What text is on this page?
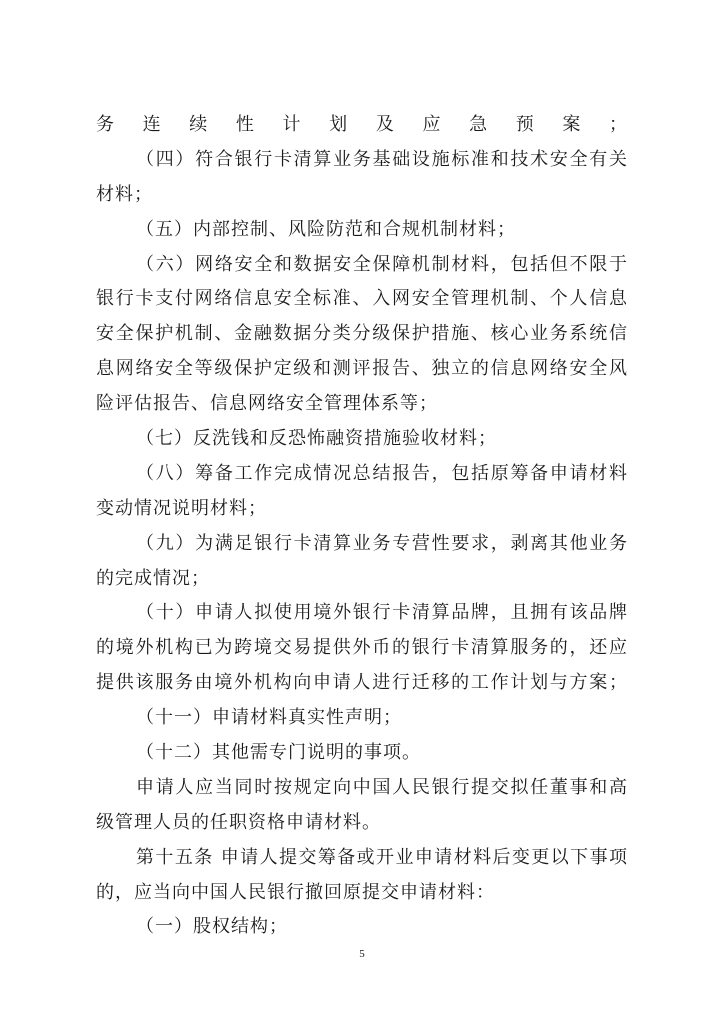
务连续性计划及应急预案；
（四）符合银行卡清算业务基础设施标准和技术安全有关
材料；
（五）内部控制、风险防范和合规机制材料；
（六）网络安全和数据安全保障机制材料，包括但不限于
银行卡支付网络信息安全标准、入网安全管理机制、个人信息
安全保护机制、金融数据分类分级保护措施、核心业务系统信
息网络安全等级保护定级和测评报告、独立的信息网络安全风
险评估报告、信息网络安全管理体系等；
（七）反洗钱和反恐怖融资措施验收材料；
（八）筹备工作完成情况总结报告，包括原筹备申请材料
变动情况说明材料；
（九）为满足银行卡清算业务专营性要求，剥离其他业务
的完成情况；
（十）申请人拟使用境外银行卡清算品牌，且拥有该品牌
的境外机构已为跨境交易提供外币的银行卡清算服务的，还应
提供该服务由境外机构向申请人进行迁移的工作计划与方案；
（十一）申请材料真实性声明；
（十二）其他需专门说明的事项。
申请人应当同时按规定向中国人民银行提交拟任董事和高
级管理人员的任职资格申请材料。
第十五条 申请人提交筹备或开业申请材料后变更以下事项
的，应当向中国人民银行撤回原提交申请材料：
（一）股权结构；
5
